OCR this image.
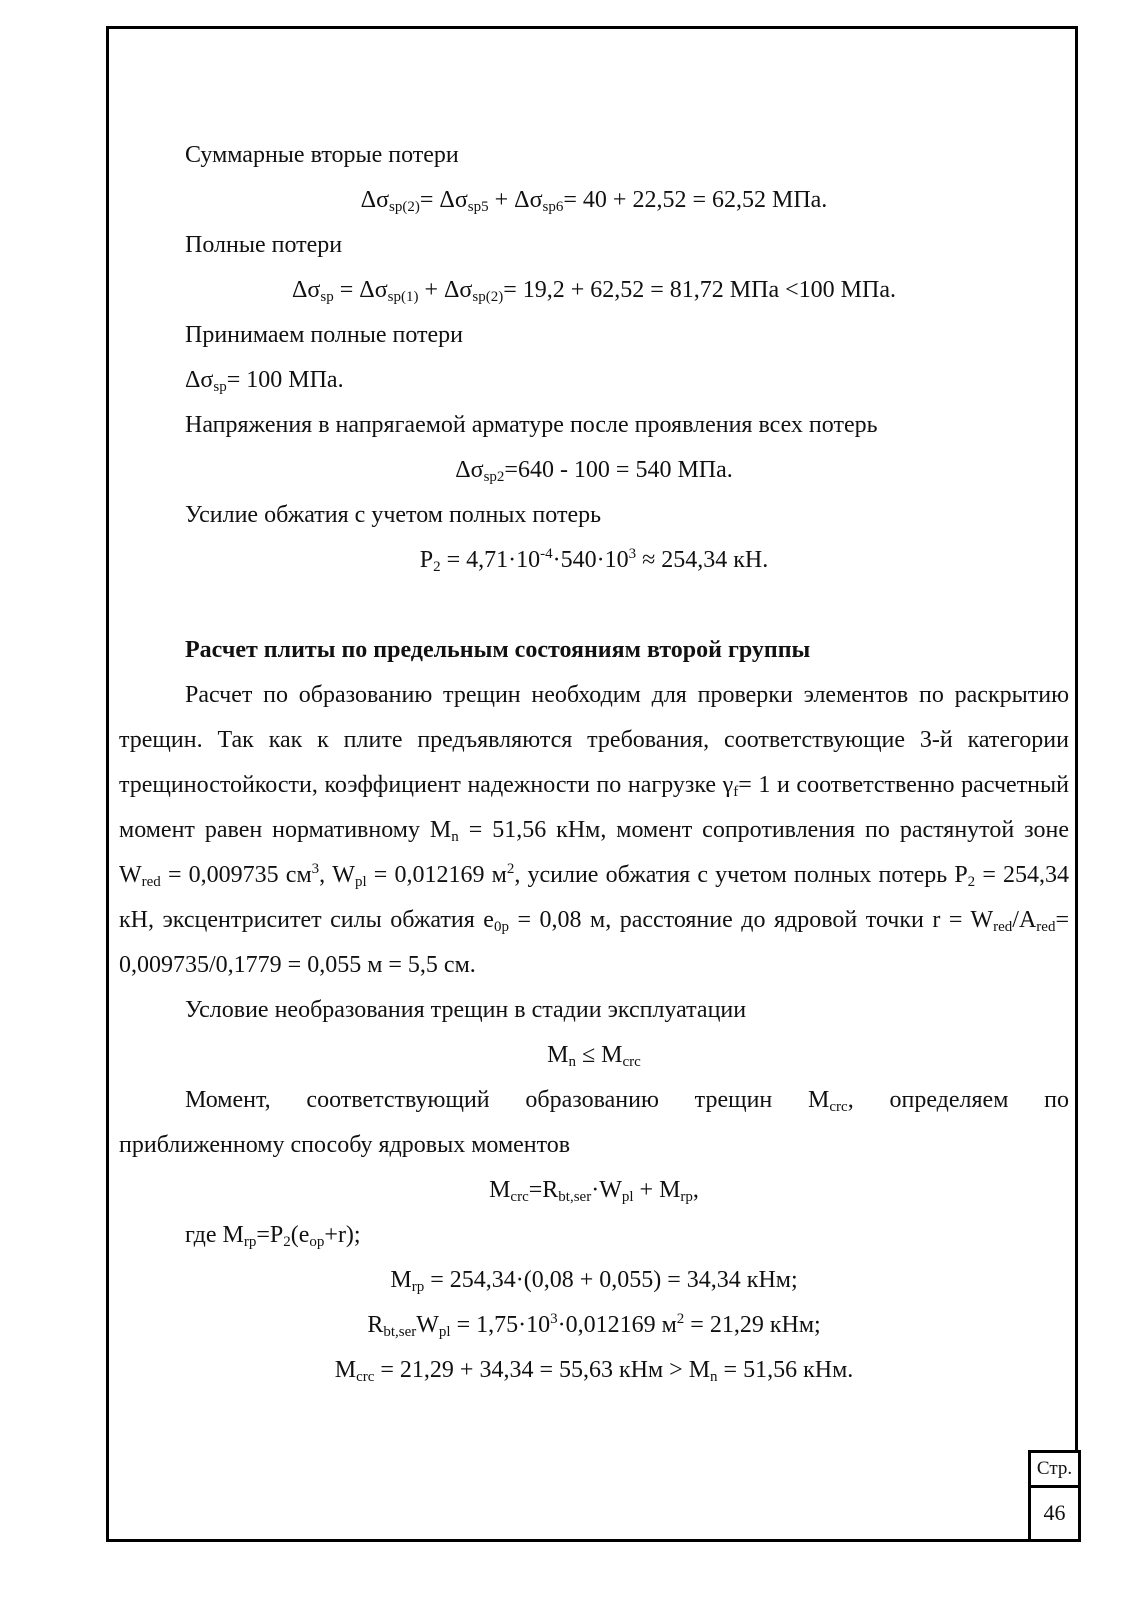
Суммарные вторые потери

$\Delta\sigma_{sp(2)}= \Delta\sigma_{sp5} + \Delta\sigma_{sp6}= 40 + 22,52 = 62,52$ МПа.

Полные потери

$\Delta\sigma_{sp} = \Delta\sigma_{sp(1)} + \Delta\sigma_{sp(2)}= 19,2 + 62,52 = 81,72$ МПа <100 МПа.

Принимаем полные потери

$\Delta\sigma_{sp}= 100$ МПа.

Напряжения в напрягаемой арматуре после проявления всех потерь

$\Delta\sigma_{sp2}=640 - 100 = 540$ МПа.

Усилие обжатия с учетом полных потерь

$P_2 = 4,71\cdot 10^{-4}\cdot 540\cdot 10^3 \approx 254,34$ кН.

Расчет плиты по предельным состояниям второй группы

Расчет по образованию трещин необходим для проверки элементов по раскрытию трещин. Так как к плите предъявляются требования, соответствующие 3-й категории трещиностойкости, коэффициент надежности по нагрузке $\gamma_f= 1$ и соответственно расчетный момент равен нормативному $M_n = 51,56$ кНм, момент сопротивления по растянутой зоне $W_{red} = 0,009735$ $см^3$, $W_{pl} = 0,012169$ $м^2$, усилие обжатия с учетом полных потерь $P_2 = 254,34$ кН, эксцентриситет силы обжатия $e_{0p} = 0,08$ м, расстояние до ядровой точки $r = W_{red}/A_{red}= 0,009735/0,1779 = 0,055$ м = 5,5 см.

Условие необразования трещин в стадии эксплуатации

$M_n \le M_{crc}$

Момент, соответствующий образованию трещин $M_{crc}$, определяем по

приближенному способу ядровых моментов

$M_{crc}=R_{bt,ser}\cdot W_{pl} + M_{rp}$,

где $M_{rp}=P_2(e_{op}+r)$;

$M_{rp} = 254,34\cdot(0,08 + 0,055) = 34,34$ кНм;

$R_{bt,ser}W_{pl} = 1,75\cdot 10^3\cdot 0,012169$ $м^2 = 21,29$ кНм;

$M_{crc} = 21,29 + 34,34 = 55,63$ кНм > $M_n = 51,56$ кНм.

Стр.
46
